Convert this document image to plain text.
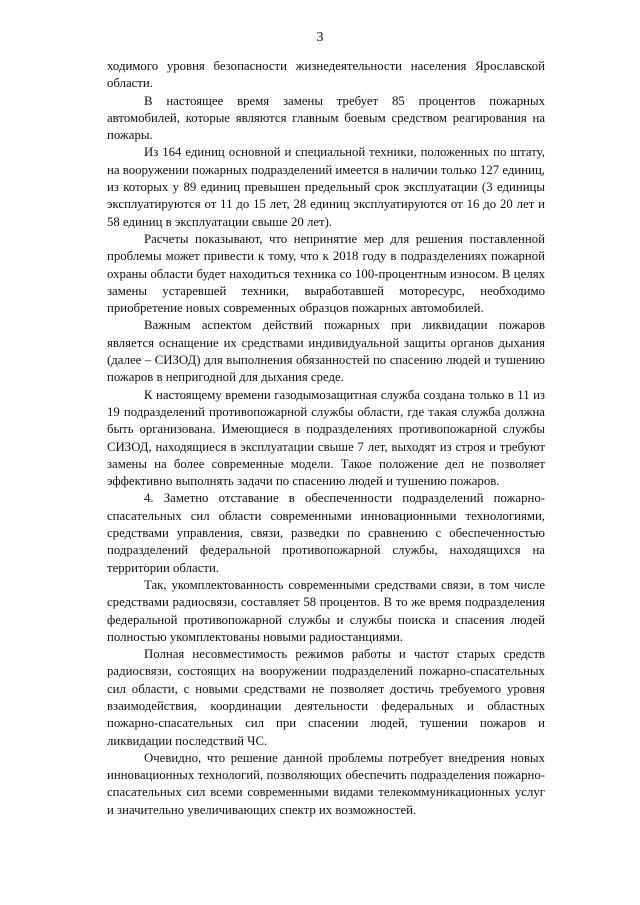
3

ходимого уровня безопасности жизнедеятельности населения Ярославской области.

В настоящее время замены требует 85 процентов пожарных автомобилей, которые являются главным боевым средством реагирования на пожары.

Из 164 единиц основной и специальной техники, положенных по штату, на вооружении пожарных подразделений имеется в наличии только 127 единиц, из которых у 89 единиц превышен предельный срок эксплуатации (3 единицы эксплуатируются от 11 до 15 лет, 28 единиц эксплуатируются от 16 до 20 лет и 58 единиц в эксплуатации свыше 20 лет).

Расчеты показывают, что непринятие мер для решения поставленной проблемы может привести к тому, что к 2018 году в подразделениях пожарной охраны области будет находиться техника со 100-процентным износом. В целях замены устаревшей техники, выработавшей моторесурс, необходимо приобретение новых современных образцов пожарных автомобилей.

Важным аспектом действий пожарных при ликвидации пожаров является оснащение их средствами индивидуальной защиты органов дыхания (далее – СИЗОД) для выполнения обязанностей по спасению людей и тушению пожаров в непригодной для дыхания среде.

К настоящему времени газодымозащитная служба создана только в 11 из 19 подразделений противопожарной службы области, где такая служба должна быть организована. Имеющиеся в подразделениях противопожарной службы СИЗОД, находящиеся в эксплуатации свыше 7 лет, выходят из строя и требуют замены на более современные модели. Такое положение дел не позволяет эффективно выполнять задачи по спасению людей и тушению пожаров.

4. Заметно отставание в обеспеченности подразделений пожарно-спасательных сил области современными инновационными технологиями, средствами управления, связи, разведки по сравнению с обеспеченностью подразделений федеральной противопожарной службы, находящихся на территории области.

Так, укомплектованность современными средствами связи, в том числе средствами радиосвязи, составляет 58 процентов. В то же время подразделения федеральной противопожарной службы и службы поиска и спасения людей полностью укомплектованы новыми радиостанциями.

Полная несовместимость режимов работы и частот старых средств радиосвязи, состоящих на вооружении подразделений пожарно-спасательных сил области, с новыми средствами не позволяет достичь требуемого уровня взаимодействия, координации деятельности федеральных и областных пожарно-спасательных сил при спасении людей, тушении пожаров и ликвидации последствий ЧС.

Очевидно, что решение данной проблемы потребует внедрения новых инновационных технологий, позволяющих обеспечить подразделения пожарно-спасательных сил всеми современными видами телекоммуникационных услуг и значительно увеличивающих спектр их возможностей.
